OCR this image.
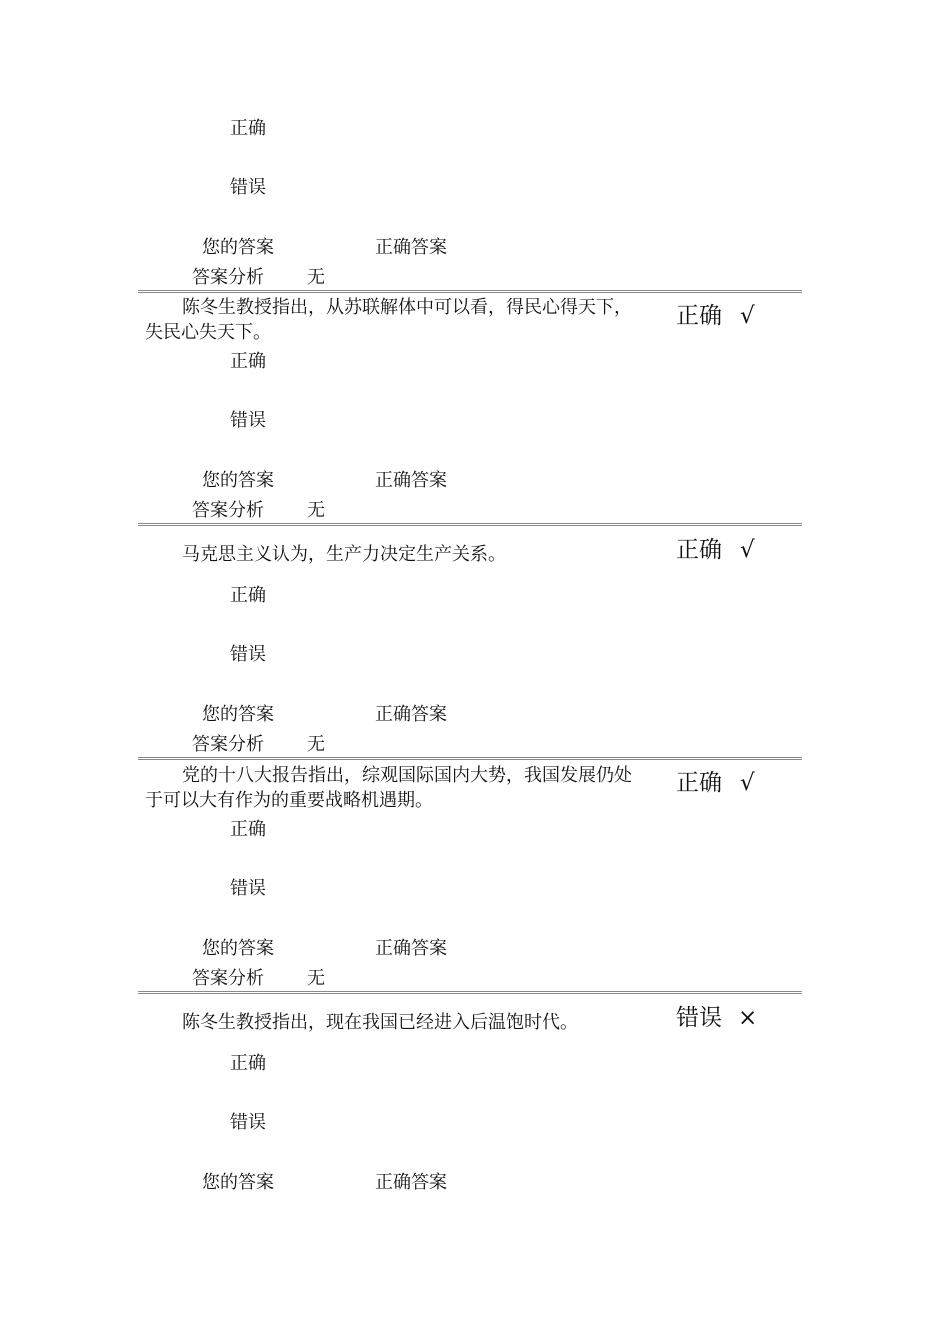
正确
错误
您的答案	正确答案
答案分析 无
陈冬生教授指出，从苏联解体中可以看，得民心得天下，
失民心失天下。
正确 √
正确
错误
您的答案	正确答案
答案分析 无
马克思主义认为，生产力决定生产关系。	正确 √
正确
错误
您的答案	正确答案
答案分析 无
党的十八大报告指出，综观国际国内大势，我国发展仍处
于可以大有作为的重要战略机遇期。
正确 √
正确
错误
您的答案	正确答案
答案分析 无
陈冬生教授指出，现在我国已经进入后温饱时代。	错误 ×
正确
错误
您的答案	正确答案
